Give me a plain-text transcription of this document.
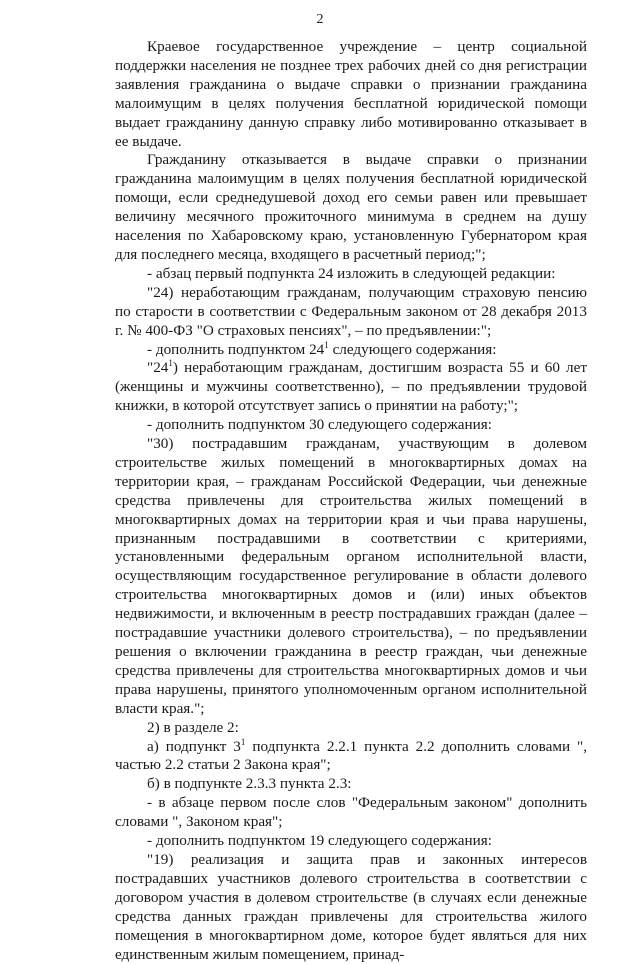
2

Краевое государственное учреждение – центр социальной поддержки населения не позднее трех рабочих дней со дня регистрации заявления гражданина о выдаче справки о признании гражданина малоимущим в целях получения бесплатной юридической помощи выдает гражданину данную справку либо мотивированно отказывает в ее выдаче.

Гражданину отказывается в выдаче справки о признании гражданина малоимущим в целях получения бесплатной юридической помощи, если среднедушевой доход его семьи равен или превышает величину месячного прожиточного минимума в среднем на душу населения по Хабаровскому краю, установленную Губернатором края для последнего месяца, входящего в расчетный период;";

- абзац первый подпункта 24 изложить в следующей редакции:

"24) неработающим гражданам, получающим страховую пенсию по старости в соответствии с Федеральным законом от 28 декабря 2013 г. № 400-ФЗ "О страховых пенсиях", – по предъявлении:";

- дополнить подпунктом $24^1$ следующего содержания:

"$24^1$) неработающим гражданам, достигшим возраста 55 и 60 лет (женщины и мужчины соответственно), – по предъявлении трудовой книжки, в которой отсутствует запись о принятии на работу;";

- дополнить подпунктом 30 следующего содержания:

"30) пострадавшим гражданам, участвующим в долевом строительстве жилых помещений в многоквартирных домах на территории края, – гражданам Российской Федерации, чьи денежные средства привлечены для строительства жилых помещений в многоквартирных домах на территории края и чьи права нарушены, признанным пострадавшими в соответствии с критериями, установленными федеральным органом исполнительной власти, осуществляющим государственное регулирование в области долевого строительства многоквартирных домов и (или) иных объектов недвижимости, и включенным в реестр пострадавших граждан (далее – пострадавшие участники долевого строительства), – по предъявлении решения о включении гражданина в реестр граждан, чьи денежные средства привлечены для строительства многоквартирных домов и чьи права нарушены, принятого уполномоченным органом исполнительной власти края.";

2) в разделе 2:

а) подпункт $3^1$ подпункта 2.2.1 пункта 2.2 дополнить словами ", частью 2.2 статьи 2 Закона края";

б) в подпункте 2.3.3 пункта 2.3:

- в абзаце первом после слов "Федеральным законом" дополнить словами ", Законом края";

- дополнить подпунктом 19 следующего содержания:

"19) реализация и защита прав и законных интересов пострадавших участников долевого строительства в соответствии с договором участия в долевом строительстве (в случаях если денежные средства данных граждан привлечены для строительства жилого помещения в многоквартирном доме, которое будет являться для них единственным жилым помещением, принад-
